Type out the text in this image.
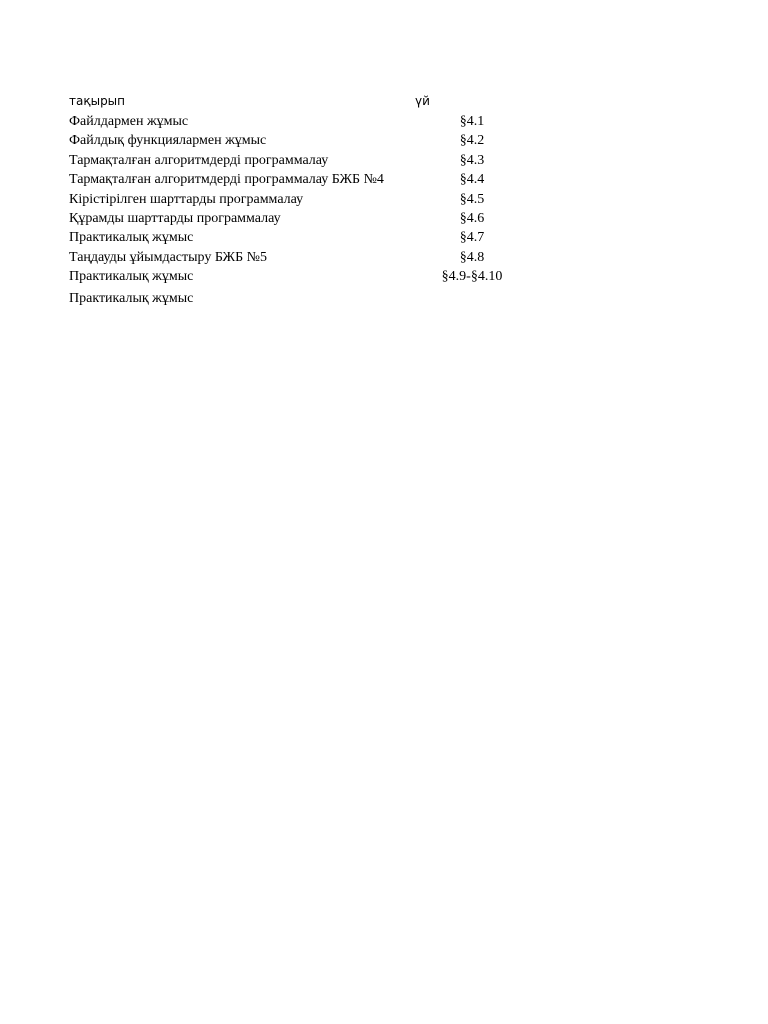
тақырып	үй
Файлдармен жұмыс	§4.1
Файлдық функциялармен жұмыс	§4.2
Тармақталған алгоритмдерді программалау	§4.3
Тармақталған алгоритмдерді программалау БЖБ №4	§4.4
Кірістірілген шарттарды программалау	§4.5
Құрамды шарттарды программалау	§4.6
Практикалық жұмыс	§4.7
Таңдауды ұйымдастыру БЖБ №5	§4.8
Практикалық жұмыс	§4.9-§4.10
Практикалық жұмыс
